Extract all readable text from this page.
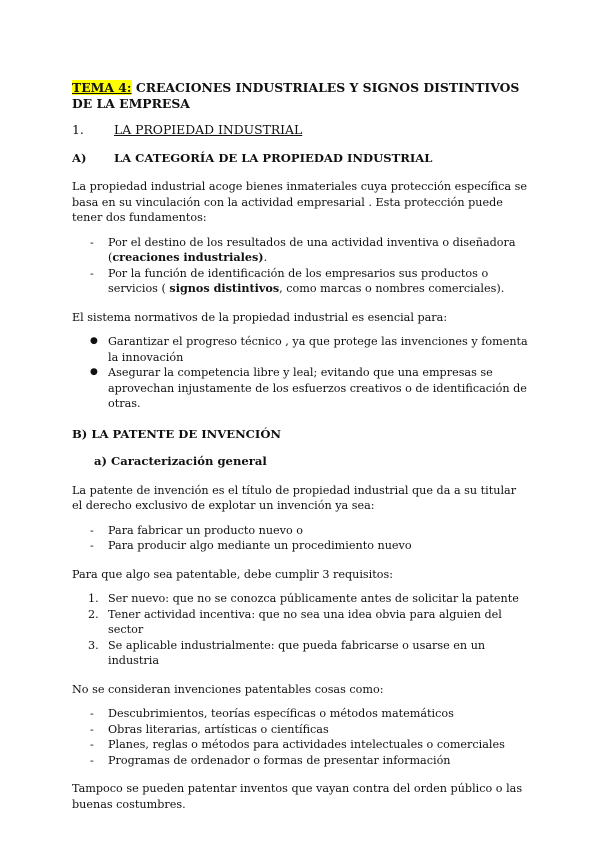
TEMA 4: CREACIONES INDUSTRIALES Y SIGNOS DISTINTIVOS DE LA EMPRESA
1.	LA PROPIEDAD INDUSTRIAL
A)	LA CATEGORÍA DE LA PROPIEDAD INDUSTRIAL

La propiedad industrial acoge bienes inmateriales cuya protección específica se basa en su vinculación con la actividad empresarial . Esta protección puede tener dos fundamentos:

-	Por el destino de los resultados de una actividad inventiva o diseñadora (creaciones industriales).
-	Por la función de identificación de los empresarios sus productos o servicios ( signos distintivos, como marcas o nombres comerciales).

El sistema normativos de la propiedad industrial es esencial para:

● Garantizar el progreso técnico , ya que protege las invenciones y fomenta la innovación
● Asegurar la competencia libre y leal; evitando que una empresas se aprovechan injustamente de los esfuerzos creativos o de identificación de otras.
B) LA PATENTE DE INVENCIÓN
a) Caracterización general

La patente de invención es el título de propiedad industrial que da a su titular el derecho exclusivo de explotar un invención ya sea:

-	Para fabricar un producto nuevo o
-	Para producir algo mediante un procedimiento nuevo

Para que algo sea patentable, debe cumplir 3 requisitos:

1. Ser nuevo: que no se conozca públicamente antes de solicitar la patente
2. Tener actividad incentiva: que no sea una idea obvia para alguien del sector
3. Se aplicable industrialmente: que pueda fabricarse o usarse en un industria

No se consideran invenciones patentables cosas como:

-	Descubrimientos, teorías específicas o métodos matemáticos
-	Obras literarias, artísticas o científicas
-	Planes, reglas o métodos para actividades intelectuales o comerciales
-	Programas de ordenador o formas de presentar información

Tampoco se pueden patentar inventos que vayan contra del orden público o las buenas costumbres.
